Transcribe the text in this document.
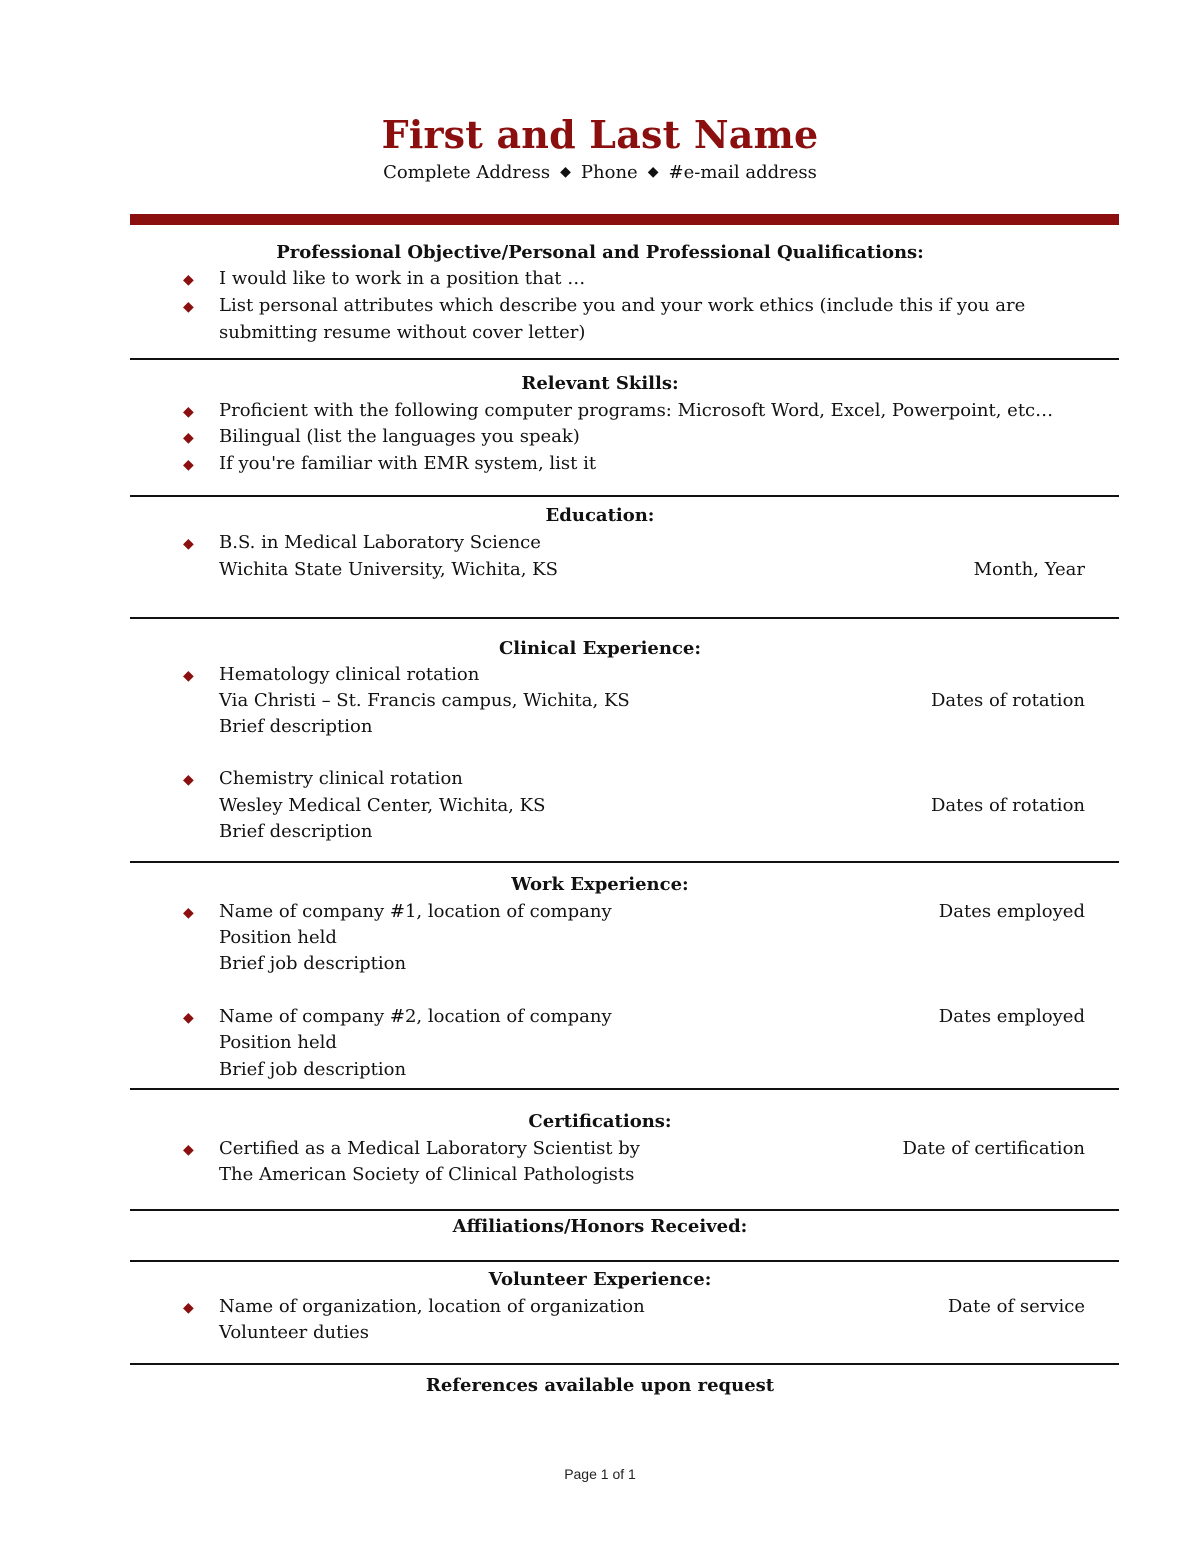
First and Last Name
Complete Address ◆ Phone ◆ #e-mail address
Professional Objective/Personal and Professional Qualifications:
◆ I would like to work in a position that …
◆ List personal attributes which describe you and your work ethics (include this if you are submitting resume without cover letter)
Relevant Skills:
◆ Proficient with the following computer programs: Microsoft Word, Excel, Powerpoint, etc…
◆ Bilingual (list the languages you speak)
◆ If you're familiar with EMR system, list it
Education:
◆ B.S. in Medical Laboratory Science
Wichita State University, Wichita, KS	Month, Year
Clinical Experience:
◆ Hematology clinical rotation
Via Christi – St. Francis campus, Wichita, KS	Dates of rotation
Brief description
◆ Chemistry clinical rotation
Wesley Medical Center, Wichita, KS	Dates of rotation
Brief description
Work Experience:
◆ Name of company #1, location of company	Dates employed
Position held
Brief job description
◆ Name of company #2, location of company	Dates employed
Position held
Brief job description
Certifications:
◆ Certified as a Medical Laboratory Scientist by	Date of certification
The American Society of Clinical Pathologists
Affiliations/Honors Received:
Volunteer Experience:
◆ Name of organization, location of organization	Date of service
Volunteer duties
References available upon request
Page 1 of 1
